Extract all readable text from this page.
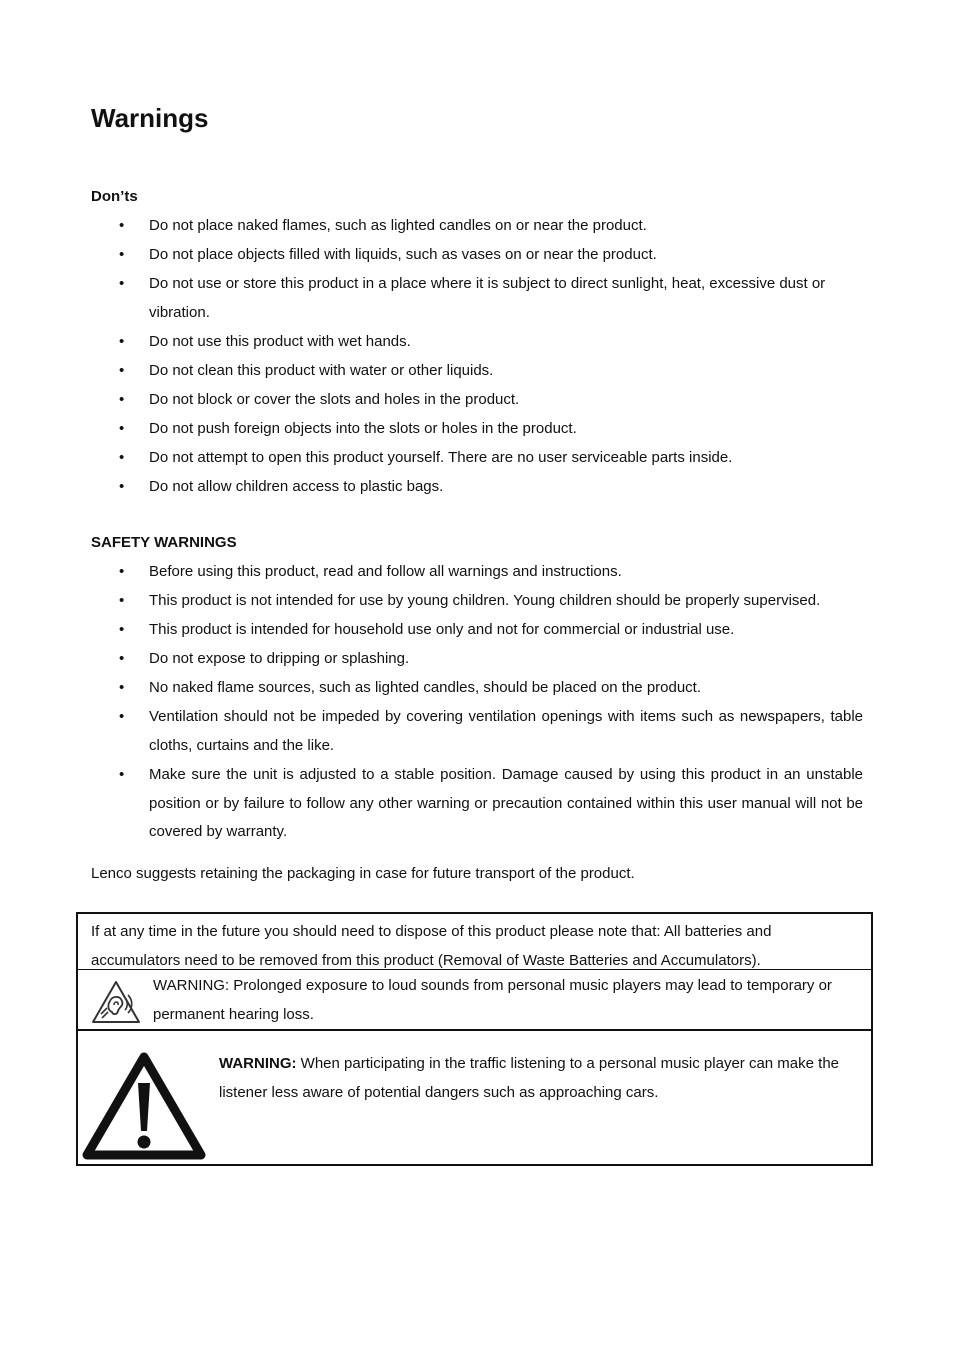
Warnings
Don’ts
• Do not place naked flames, such as lighted candles on or near the product.
• Do not place objects filled with liquids, such as vases on or near the product.
• Do not use or store this product in a place where it is subject to direct sunlight, heat, excessive dust or vibration.
• Do not use this product with wet hands.
• Do not clean this product with water or other liquids.
• Do not block or cover the slots and holes in the product.
• Do not push foreign objects into the slots or holes in the product.
• Do not attempt to open this product yourself. There are no user serviceable parts inside.
• Do not allow children access to plastic bags.
SAFETY WARNINGS
• Before using this product, read and follow all warnings and instructions.
• This product is not intended for use by young children. Young children should be properly supervised.
• This product is intended for household use only and not for commercial or industrial use.
• Do not expose to dripping or splashing.
• No naked flame sources, such as lighted candles, should be placed on the product.
• Ventilation should not be impeded by covering ventilation openings with items such as newspapers, table cloths, curtains and the like.
• Make sure the unit is adjusted to a stable position. Damage caused by using this product in an unstable position or by failure to follow any other warning or precaution contained within this user manual will not be covered by warranty.

Lenco suggests retaining the packaging in case for future transport of the product.

If at any time in the future you should need to dispose of this product please note that: All batteries and accumulators need to be removed from this product (Removal of Waste Batteries and Accumulators).

WARNING: Prolonged exposure to loud sounds from personal music players may lead to temporary or permanent hearing loss.

WARNING: When participating in the traffic listening to a personal music player can make the listener less aware of potential dangers such as approaching cars.
